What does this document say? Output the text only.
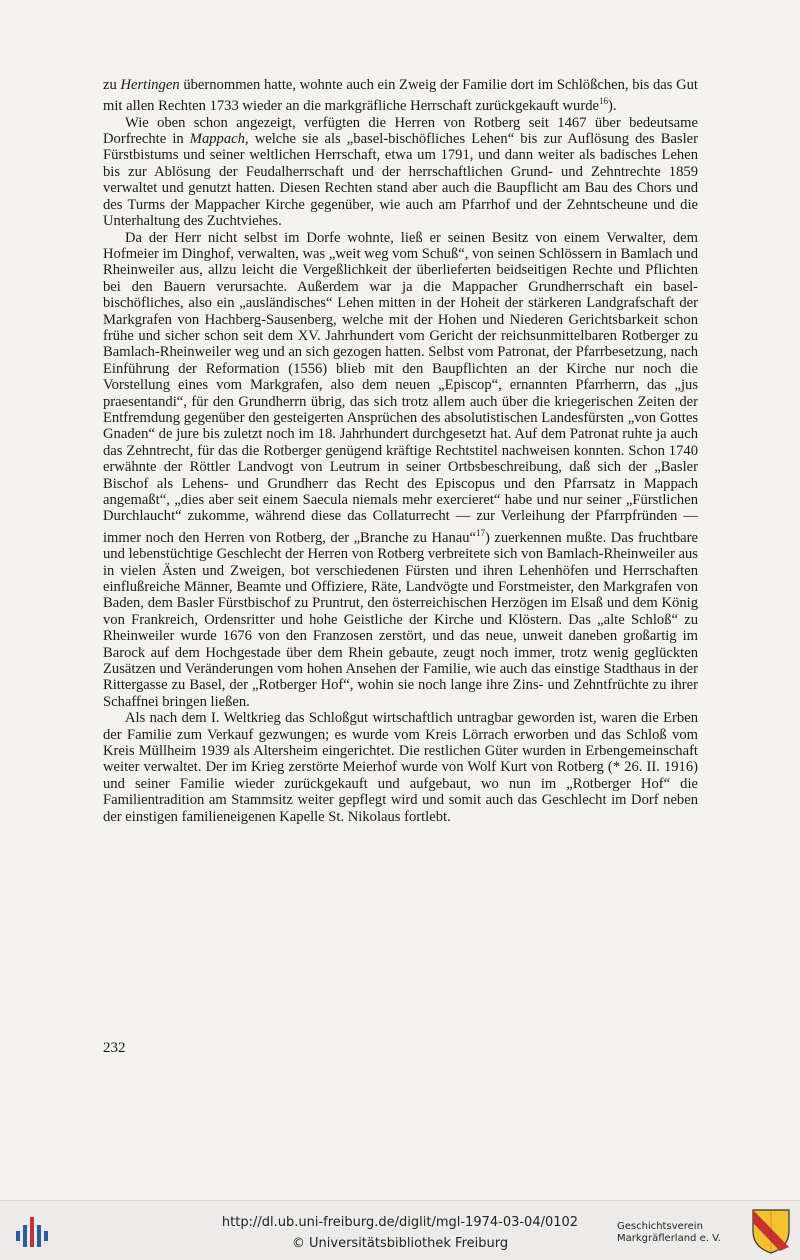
zu Hertingen übernommen hatte, wohnte auch ein Zweig der Familie dort im Schlößchen, bis das Gut mit allen Rechten 1733 wieder an die markgräfliche Herrschaft zurückgekauft wurde$^{16}$).

Wie oben schon angezeigt, verfügten die Herren von Rotberg seit 1467 über bedeutsame Dorfrechte in Mappach, welche sie als „basel-bischöfliches Lehen“ bis zur Auflösung des Basler Fürstbistums und seiner weltlichen Herrschaft, etwa um 1791, und dann weiter als badisches Lehen bis zur Ablösung der Feudalherrschaft und der herrschaftlichen Grund- und Zehntrechte 1859 verwaltet und genutzt hatten. Diesen Rechten stand aber auch die Baupflicht am Bau des Chors und des Turms der Mappacher Kirche gegenüber, wie auch am Pfarrhof und der Zehntscheune und die Unterhaltung des Zuchtviehes.

Da der Herr nicht selbst im Dorfe wohnte, ließ er seinen Besitz von einem Verwalter, dem Hofmeier im Dinghof, verwalten, was „weit weg vom Schuß“, von seinen Schlössern in Bamlach und Rheinweiler aus, allzu leicht die Vergeßlichkeit der überlieferten beidseitigen Rechte und Pflichten bei den Bauern verursachte. Außerdem war ja die Mappacher Grundherrschaft ein basel-bischöfliches, also ein „ausländisches“ Lehen mitten in der Hoheit der stärkeren Landgrafschaft der Markgrafen von Hachberg-Sausenberg, welche mit der Hohen und Niederen Gerichtsbarkeit schon frühe und sicher schon seit dem XV. Jahrhundert vom Gericht der reichsunmittelbaren Rotberger zu Bamlach-Rheinweiler weg und an sich gezogen hatten. Selbst vom Patronat, der Pfarrbesetzung, nach Einführung der Reformation (1556) blieb mit den Baupflichten an der Kirche nur noch die Vorstellung eines vom Markgrafen, also dem neuen „Episcop“, ernannten Pfarrherrn, das „jus praesentandi“, für den Grundherrn übrig, das sich trotz allem auch über die kriegerischen Zeiten der Entfremdung gegenüber den gesteigerten Ansprüchen des absolutistischen Landesfürsten „von Gottes Gnaden“ de jure bis zuletzt noch im 18. Jahrhundert durchgesetzt hat. Auf dem Patronat ruhte ja auch das Zehntrecht, für das die Rotberger genügend kräftige Rechtstitel nachweisen konnten. Schon 1740 erwähnte der Röttler Landvogt von Leutrum in seiner Ortbsbeschreibung, daß sich der „Basler Bischof als Lehens- und Grundherr das Recht des Episcopus und den Pfarrsatz in Mappach angemaßt“, „dies aber seit einem Saecula niemals mehr exercieret“ habe und nur seiner „Fürstlichen Durchlaucht“ zukomme, während diese das Collaturrecht — zur Verleihung der Pfarrpfründen — immer noch den Herren von Rotberg, der „Branche zu Hanau“$^{17}$) zuerkennen mußte. Das fruchtbare und lebenstüchtige Geschlecht der Herren von Rotberg verbreitete sich von Bamlach-Rheinweiler aus in vielen Ästen und Zweigen, bot verschiedenen Fürsten und ihren Lehenhöfen und Herrschaften einflußreiche Männer, Beamte und Offiziere, Räte, Landvögte und Forstmeister, den Markgrafen von Baden, dem Basler Fürstbischof zu Pruntrut, den österreichischen Herzögen im Elsaß und dem König von Frankreich, Ordensritter und hohe Geistliche der Kirche und Klöstern. Das „alte Schloß“ zu Rheinweiler wurde 1676 von den Franzosen zerstört, und das neue, unweit daneben großartig im Barock auf dem Hochgestade über dem Rhein gebaute, zeugt noch immer, trotz wenig geglückten Zusätzen und Veränderungen vom hohen Ansehen der Familie, wie auch das einstige Stadthaus in der Rittergasse zu Basel, der „Rotberger Hof“, wohin sie noch lange ihre Zins- und Zehntfrüchte zu ihrer Schaffnei bringen ließen.

Als nach dem I. Weltkrieg das Schloßgut wirtschaftlich untragbar geworden ist, waren die Erben der Familie zum Verkauf gezwungen; es wurde vom Kreis Lörrach erworben und das Schloß vom Kreis Müllheim 1939 als Altersheim eingerichtet. Die restlichen Güter wurden in Erbengemeinschaft weiter verwaltet. Der im Krieg zerstörte Meierhof wurde von Wolf Kurt von Rotberg (* 26. II. 1916) und seiner Familie wieder zurückgekauft und aufgebaut, wo nun im „Rotberger Hof“ die Familientradition am Stammsitz weiter gepflegt wird und somit auch das Geschlecht im Dorf neben der einstigen familieneigenen Kapelle St. Nikolaus fortlebt.

232
http://dl.ub.uni-freiburg.de/diglit/mgl-1974-03-04/0102
© Universitätsbibliothek Freiburg
Geschichtsverein
Markgräflerland e. V.
